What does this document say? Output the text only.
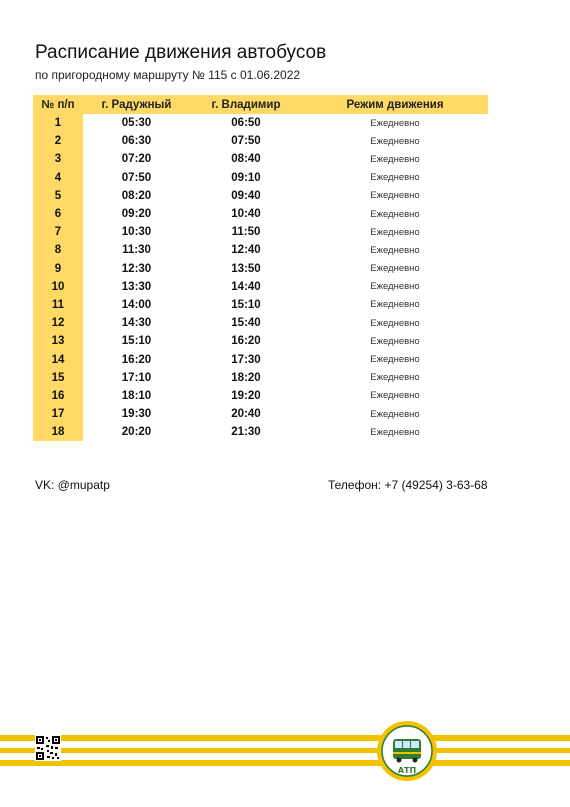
Расписание движения автобусов
по пригородному маршруту № 115 с 01.06.2022
№ п/п	г. Радужный	г. Владимир	Режим движения
1	05:30	06:50	Ежедневно
2	06:30	07:50	Ежедневно
3	07:20	08:40	Ежедневно
4	07:50	09:10	Ежедневно
5	08:20	09:40	Ежедневно
6	09:20	10:40	Ежедневно
7	10:30	11:50	Ежедневно
8	11:30	12:40	Ежедневно
9	12:30	13:50	Ежедневно
10	13:30	14:40	Ежедневно
11	14:00	15:10	Ежедневно
12	14:30	15:40	Ежедневно
13	15:10	16:20	Ежедневно
14	16:20	17:30	Ежедневно
15	17:10	18:20	Ежедневно
16	18:10	19:20	Ежедневно
17	19:30	20:40	Ежедневно
18	20:20	21:30	Ежедневно
VK: @mupatp	Телефон: +7 (49254) 3-63-68
АТП
